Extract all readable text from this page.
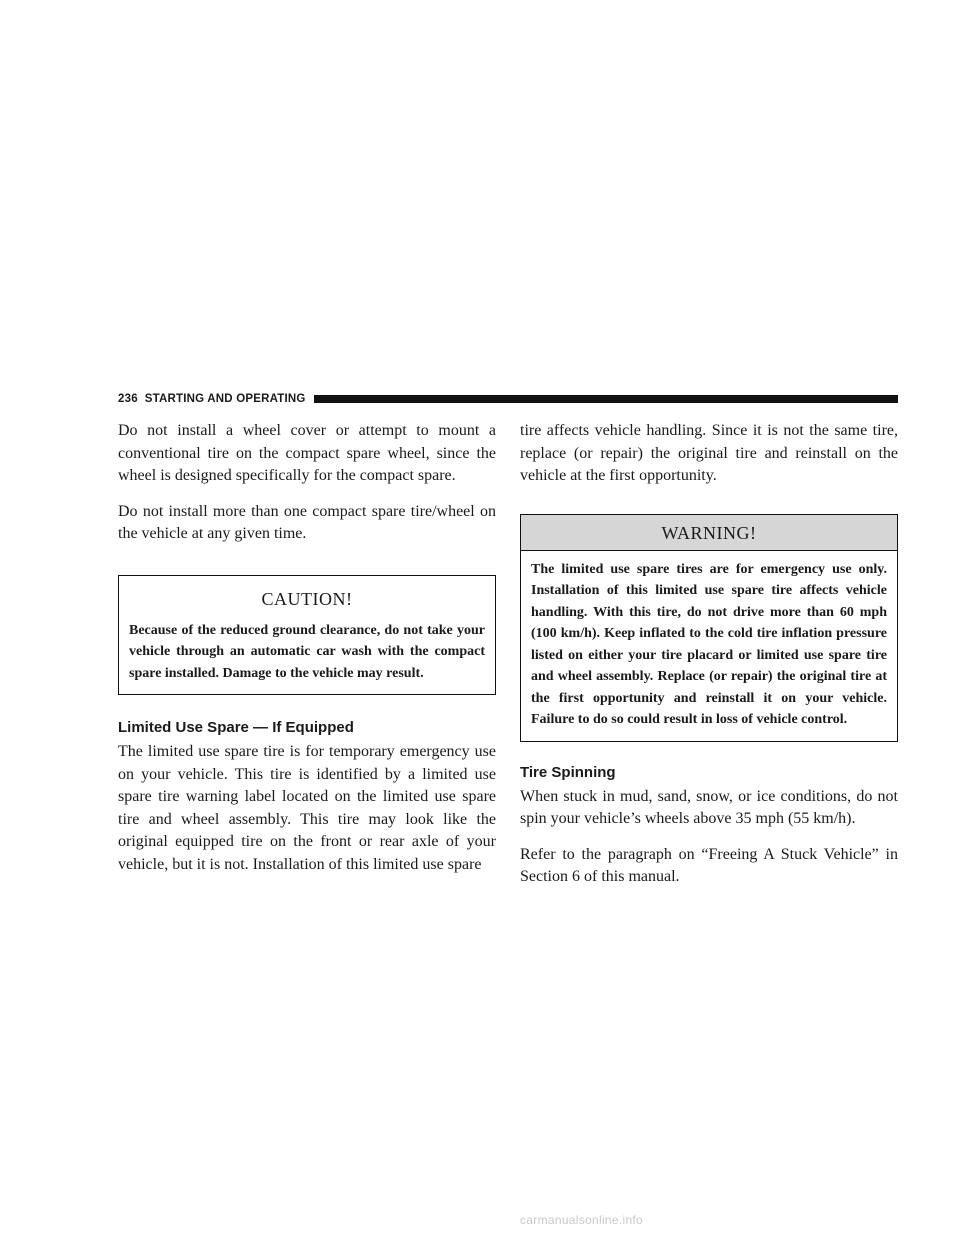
236 STARTING AND OPERATING

Do not install a wheel cover or attempt to mount a conventional tire on the compact spare wheel, since the wheel is designed specifically for the compact spare.

Do not install more than one compact spare tire/wheel on the vehicle at any given time.

CAUTION!
Because of the reduced ground clearance, do not take your vehicle through an automatic car wash with the compact spare installed. Damage to the vehicle may result.
Limited Use Spare — If Equipped

The limited use spare tire is for temporary emergency use on your vehicle. This tire is identified by a limited use spare tire warning label located on the limited use spare tire and wheel assembly. This tire may look like the original equipped tire on the front or rear axle of your vehicle, but it is not. Installation of this limited use spare

tire affects vehicle handling. Since it is not the same tire, replace (or repair) the original tire and reinstall on the vehicle at the first opportunity.

WARNING!
The limited use spare tires are for emergency use only. Installation of this limited use spare tire affects vehicle handling. With this tire, do not drive more than 60 mph (100 km/h). Keep inflated to the cold tire inflation pressure listed on either your tire placard or limited use spare tire and wheel assembly. Replace (or repair) the original tire at the first opportunity and reinstall it on your vehicle. Failure to do so could result in loss of vehicle control.
Tire Spinning

When stuck in mud, sand, snow, or ice conditions, do not spin your vehicle’s wheels above 35 mph (55 km/h).

Refer to the paragraph on “Freeing A Stuck Vehicle” in Section 6 of this manual.

carmanualsonline.info
